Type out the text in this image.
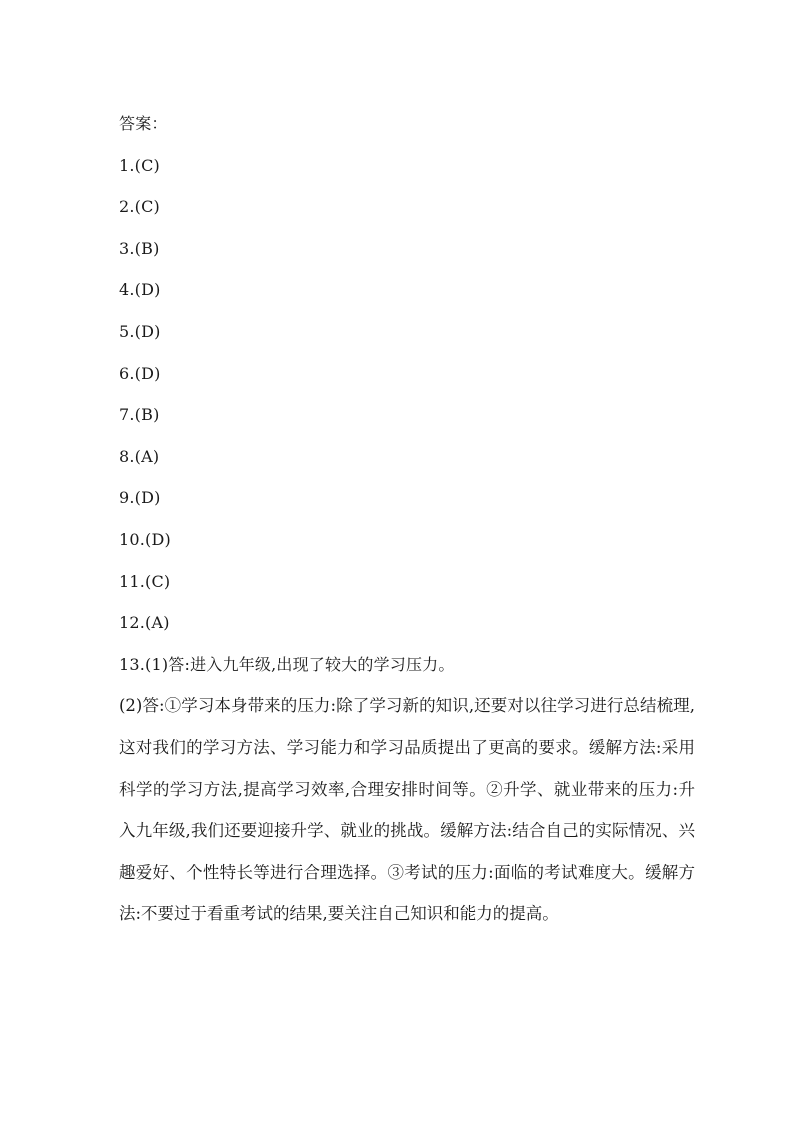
答案：
1.(C)
2.(C)
3.(B)
4.(D)
5.(D)
6.(D)
7.(B)
8.(A)
9.(D)
10.(D)
11.(C)
12.(A)
13.(1)答:进入九年级,出现了较大的学习压力。
(2)答:①学习本身带来的压力:除了学习新的知识,还要对以往学习进行总结梳理,这对我们的学习方法、学习能力和学习品质提出了更高的要求。缓解方法:采用科学的学习方法,提高学习效率,合理安排时间等。②升学、就业带来的压力:升入九年级,我们还要迎接升学、就业的挑战。缓解方法:结合自己的实际情况、兴趣爱好、个性特长等进行合理选择。③考试的压力:面临的考试难度大。缓解方法:不要过于看重考试的结果,要关注自己知识和能力的提高。
